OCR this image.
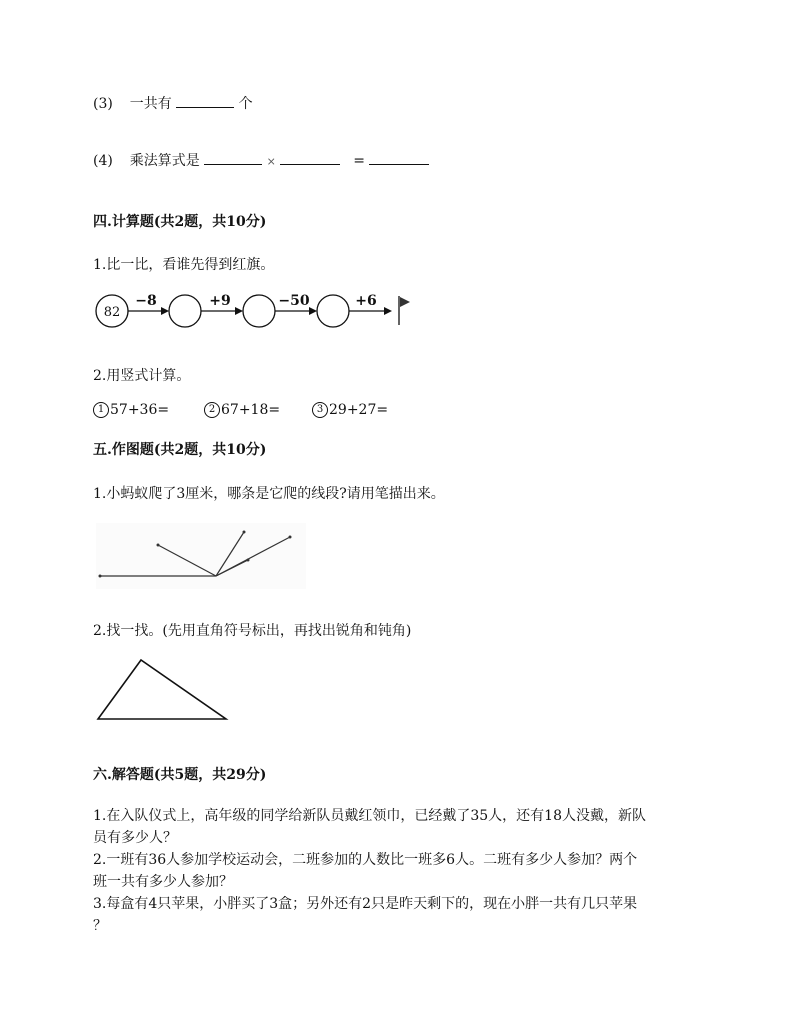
(3) 一共有	个
(4) 乘法算式是	×	=
四.计算题(共2题，共10分)
1.比一比，看谁先得到红旗。
82
−8	+9	−50	+6
2.用竖式计算。
1 57+36=	2 67+18=	3 29+27=
五.作图题(共2题，共10分)
1.小蚂蚁爬了3厘米，哪条是它爬的线段?请用笔描出来。
2.找一找。(先用直角符号标出，再找出锐角和钝角)
六.解答题(共5题，共29分)
1.在入队仪式上，高年级的同学给新队员戴红领巾，已经戴了35人，还有18人没戴，新队
员有多少人？
2.一班有36人参加学校运动会，二班参加的人数比一班多6人。二班有多少人参加？两个
班一共有多少人参加？
3.每盒有4只苹果，小胖买了3盒；另外还有2只是昨天剩下的，现在小胖一共有几只苹果
？
